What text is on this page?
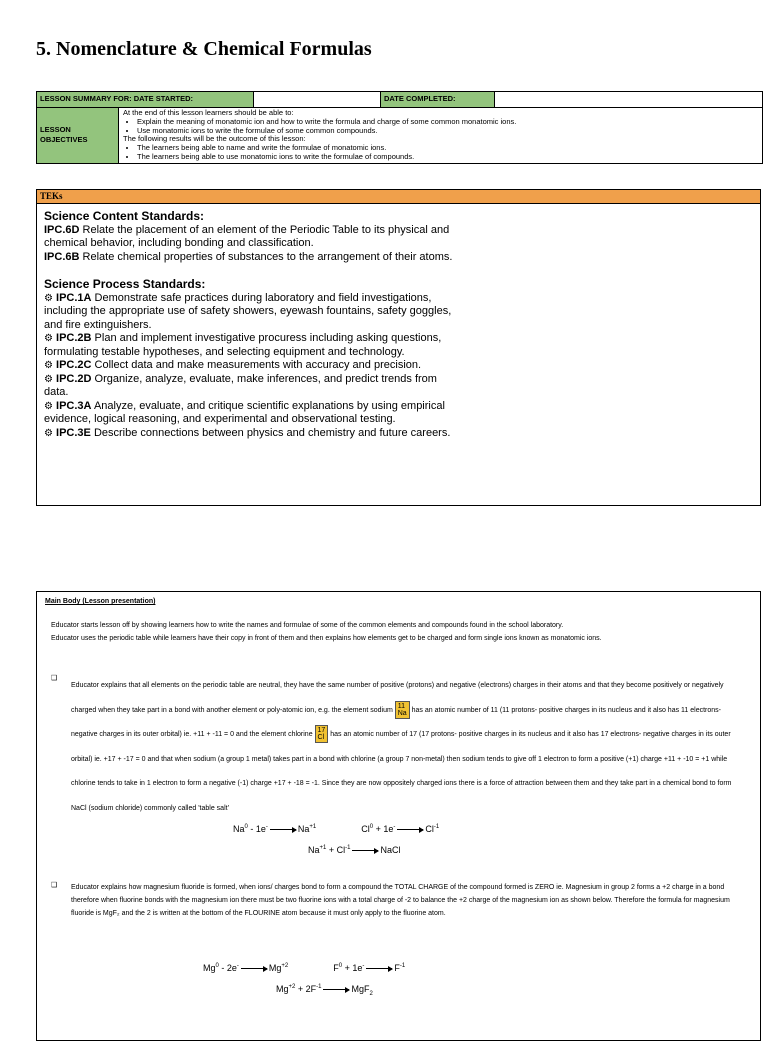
5. Nomenclature & Chemical Formulas
LESSON SUMMARY FOR: DATE STARTED:	DATE COMPLETED:
LESSON OBJECTIVES
At the end of this lesson learners should be able to:
• Explain the meaning of monatomic ion and how to write the formula and charge of some common monatomic ions.
• Use monatomic ions to write the formulae of some common compounds.
The following results will be the outcome of this lesson:
• The learners being able to name and write the formulae of monatomic ions.
• The learners being able to use monatomic ions to write the formulae of compounds.
TEKs
Science Content Standards:
IPC.6D Relate the placement of an element of the Periodic Table to its physical and chemical behavior, including bonding and classification.
IPC.6B Relate chemical properties of substances to the arrangement of their atoms.
Science Process Standards:
⚙ IPC.1A Demonstrate safe practices during laboratory and field investigations, including the appropriate use of safety showers, eyewash fountains, safety goggles, and fire extinguishers.
⚙ IPC.2B Plan and implement investigative procuress including asking questions, formulating testable hypotheses, and selecting equipment and technology.
⚙ IPC.2C Collect data and make measurements with accuracy and precision.
⚙ IPC.2D Organize, analyze, evaluate, make inferences, and predict trends from data.
⚙ IPC.3A Analyze, evaluate, and critique scientific explanations by using empirical evidence, logical reasoning, and experimental and observational testing.
⚙ IPC.3E Describe connections between physics and chemistry and future careers.
Main Body (Lesson presentation)
Educator starts lesson off by showing learners how to write the names and formulae of some of the common elements and compounds found in the school laboratory.
Educator uses the periodic table while learners have their copy in front of them and then explains how elements get to be charged and form single ions known as monatomic ions.
❑
Educator explains that all elements on the periodic table are neutral, they have the same number of positive (protons) and negative (electrons) charges in their atoms and that they become positively or negatively charged when they take part in a bond with another element or poly-atomic ion, e.g. the element sodium 11
Na has an atomic number of 11 (11 protons- positive charges in its nucleus and it also has 11 electrons- negative charges in its outer orbital) ie. +11 + -11 = 0 and the element chlorine 17
Cl has an atomic number of 17 (17 protons- positive charges in its nucleus and it also has 17 electrons- negative charges in its outer orbital) ie. +17 + -17 = 0 and that when sodium (a group 1 metal) takes part in a bond with chlorine (a group 7 non-metal) then sodium tends to give off 1 electron to form a positive (+1) charge +11 + -10 = +1 while chlorine tends to take in 1 electron to form a negative (-1) charge +17 + -18 = -1. Since they are now oppositely charged ions there is a force of attraction between them and they take part in a chemical bond to form NaCl (sodium chloride) commonly called 'table salt'
Na$^0$ - 1e-	$Na^{+1}$	$Cl^0 + 1e^-$	$Cl^{-1}$
$Na^{+1} + Cl^{-1}$	NaCl
❑ Educator explains how magnesium fluoride is formed, when ions/ charges bond to form a compound the TOTAL CHARGE of the compound formed is ZERO ie. Magnesium in group 2 forms a +2 charge in a bond therefore when fluorine bonds with the magnesium ion there must be two fluorine ions with a total charge of -2 to balance the +2 charge of the magnesium ion as shown below. Therefore the formula for magnesium fluoride is MgF₂ and the 2 is written at the bottom of the FLOURINE atom because it must only apply to the fluorine atom.
Mg$^0$ - 2e-	$Mg^{+2}$	$F^0 + 1e^-$	$F^{-1}$
$Mg^{+2} + 2F^{-1}$	MgF$_2$
